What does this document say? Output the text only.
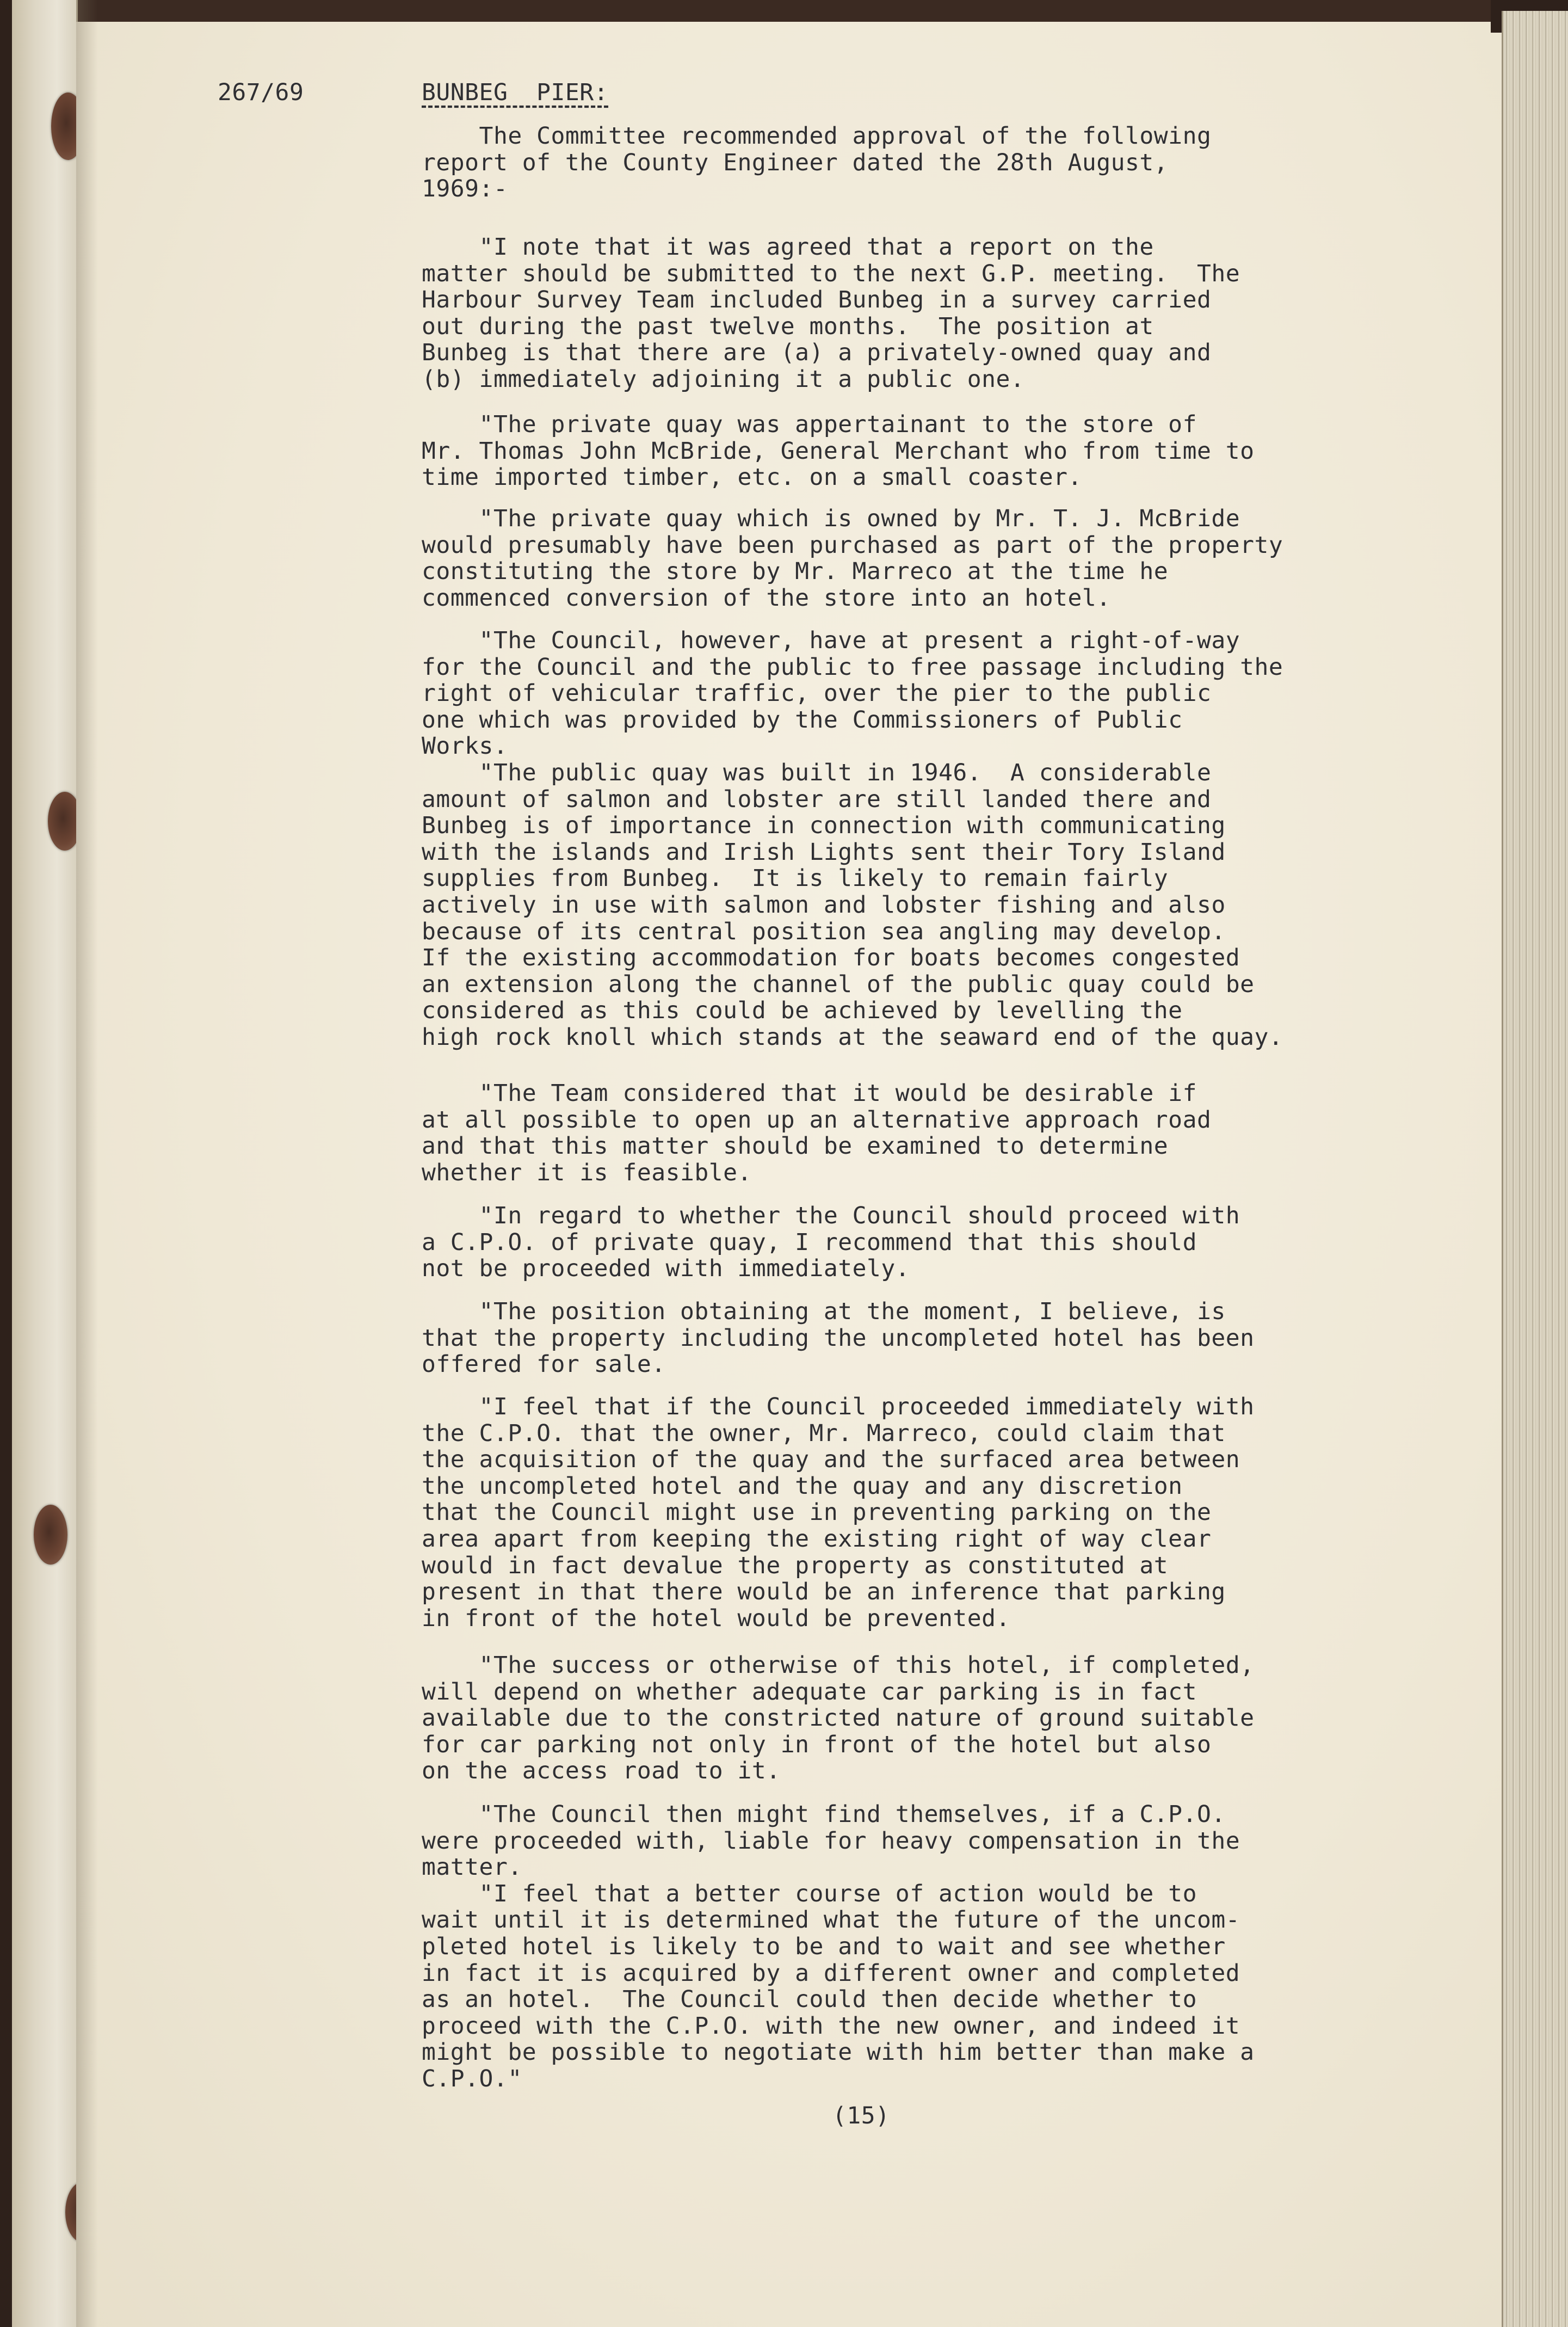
267/69	BUNBEG  PIER:
The Committee recommended approval of the following
report of the County Engineer dated the 28th August,
1969:-
"I note that it was agreed that a report on the
matter should be submitted to the next G.P. meeting.  The
Harbour Survey Team included Bunbeg in a survey carried
out during the past twelve months.  The position at
Bunbeg is that there are (a) a privately-owned quay and
(b) immediately adjoining it a public one.
"The private quay was appertainant to the store of
Mr. Thomas John McBride, General Merchant who from time to
time imported timber, etc. on a small coaster.
"The private quay which is owned by Mr. T. J. McBride
would presumably have been purchased as part of the property
constituting the store by Mr. Marreco at the time he
commenced conversion of the store into an hotel.
"The Council, however, have at present a right-of-way
for the Council and the public to free passage including the
right of vehicular traffic, over the pier to the public
one which was provided by the Commissioners of Public
Works.
"The public quay was built in 1946.  A considerable
amount of salmon and lobster are still landed there and
Bunbeg is of importance in connection with communicating
with the islands and Irish Lights sent their Tory Island
supplies from Bunbeg.  It is likely to remain fairly
actively in use with salmon and lobster fishing and also
because of its central position sea angling may develop.
If the existing accommodation for boats becomes congested
an extension along the channel of the public quay could be
considered as this could be achieved by levelling the
high rock knoll which stands at the seaward end of the quay.
"The Team considered that it would be desirable if
at all possible to open up an alternative approach road
and that this matter should be examined to determine
whether it is feasible.
"In regard to whether the Council should proceed with
a C.P.O. of private quay, I recommend that this should
not be proceeded with immediately.
"The position obtaining at the moment, I believe, is
that the property including the uncompleted hotel has been
offered for sale.
"I feel that if the Council proceeded immediately with
the C.P.O. that the owner, Mr. Marreco, could claim that
the acquisition of the quay and the surfaced area between
the uncompleted hotel and the quay and any discretion
that the Council might use in preventing parking on the
area apart from keeping the existing right of way clear
would in fact devalue the property as constituted at
present in that there would be an inference that parking
in front of the hotel would be prevented.
"The success or otherwise of this hotel, if completed,
will depend on whether adequate car parking is in fact
available due to the constricted nature of ground suitable
for car parking not only in front of the hotel but also
on the access road to it.
"The Council then might find themselves, if a C.P.O.
were proceeded with, liable for heavy compensation in the
matter.
"I feel that a better course of action would be to
wait until it is determined what the future of the uncom-
pleted hotel is likely to be and to wait and see whether
in fact it is acquired by a different owner and completed
as an hotel.  The Council could then decide whether to
proceed with the C.P.O. with the new owner, and indeed it
might be possible to negotiate with him better than make a
C.P.O."
(15)
